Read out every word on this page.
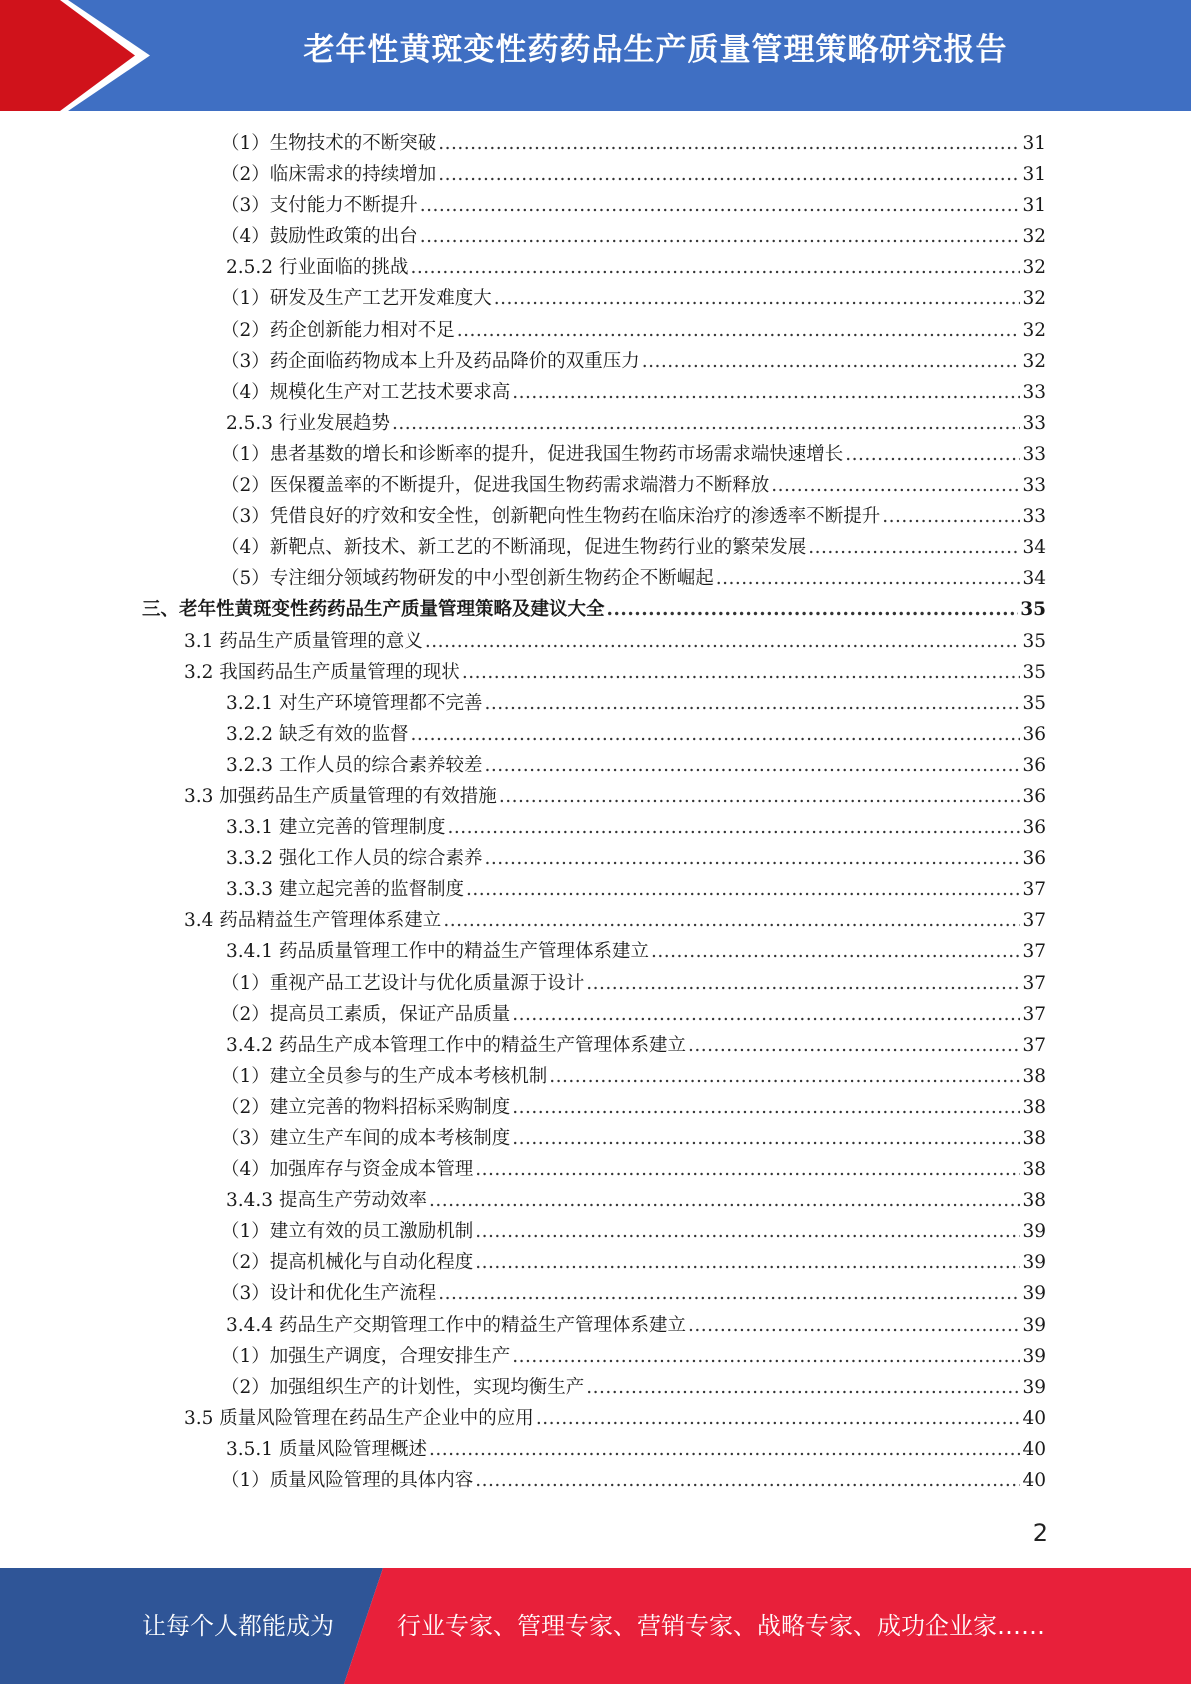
老年性黄斑变性药药品生产质量管理策略研究报告
（1）生物技术的不断突破 .....	31
（2）临床需求的持续增加 .....	31
（3）支付能力不断提升 .....	31
（4）鼓励性政策的出台 .....	32
2.5.2 行业面临的挑战 .....	32
（1）研发及生产工艺开发难度大 .....	32
（2）药企创新能力相对不足 .....	32
（3）药企面临药物成本上升及药品降价的双重压力 .....	32
（4）规模化生产对工艺技术要求高 .....	33
2.5.3 行业发展趋势 .....	33
（1）患者基数的增长和诊断率的提升，促进我国生物药市场需求端快速增长 .....	33
（2）医保覆盖率的不断提升，促进我国生物药需求端潜力不断释放 .....	33
（3）凭借良好的疗效和安全性，创新靶向性生物药在临床治疗的渗透率不断提升 .....	33
（4）新靶点、新技术、新工艺的不断涌现，促进生物药行业的繁荣发展 .....	34
（5）专注细分领域药物研发的中小型创新生物药企不断崛起 .....	34
三、老年性黄斑变性药药品生产质量管理策略及建议大全 .....	35
3.1 药品生产质量管理的意义 .....	35
3.2 我国药品生产质量管理的现状 .....	35
3.2.1 对生产环境管理都不完善 .....	35
3.2.2 缺乏有效的监督 .....	36
3.2.3 工作人员的综合素养较差 .....	36
3.3 加强药品生产质量管理的有效措施 .....	36
3.3.1 建立完善的管理制度 .....	36
3.3.2 强化工作人员的综合素养 .....	36
3.3.3 建立起完善的监督制度 .....	37
3.4 药品精益生产管理体系建立 .....	37
3.4.1 药品质量管理工作中的精益生产管理体系建立 .....	37
（1）重视产品工艺设计与优化质量源于设计 .....	37
（2）提高员工素质，保证产品质量 .....	37
3.4.2 药品生产成本管理工作中的精益生产管理体系建立 .....	37
（1）建立全员参与的生产成本考核机制 .....	38
（2）建立完善的物料招标采购制度 .....	38
（3）建立生产车间的成本考核制度 .....	38
（4）加强库存与资金成本管理 .....	38
3.4.3 提高生产劳动效率 .....	38
（1）建立有效的员工激励机制 .....	39
（2）提高机械化与自动化程度 .....	39
（3）设计和优化生产流程 .....	39
3.4.4 药品生产交期管理工作中的精益生产管理体系建立 .....	39
（1）加强生产调度，合理安排生产 .....	39
（2）加强组织生产的计划性，实现均衡生产 .....	39
3.5 质量风险管理在药品生产企业中的应用 .....	40
3.5.1 质量风险管理概述 .....	40
（1）质量风险管理的具体内容 .....	40
2
让每个人都能成为	行业专家、管理专家、营销专家、战略专家、成功企业家……
